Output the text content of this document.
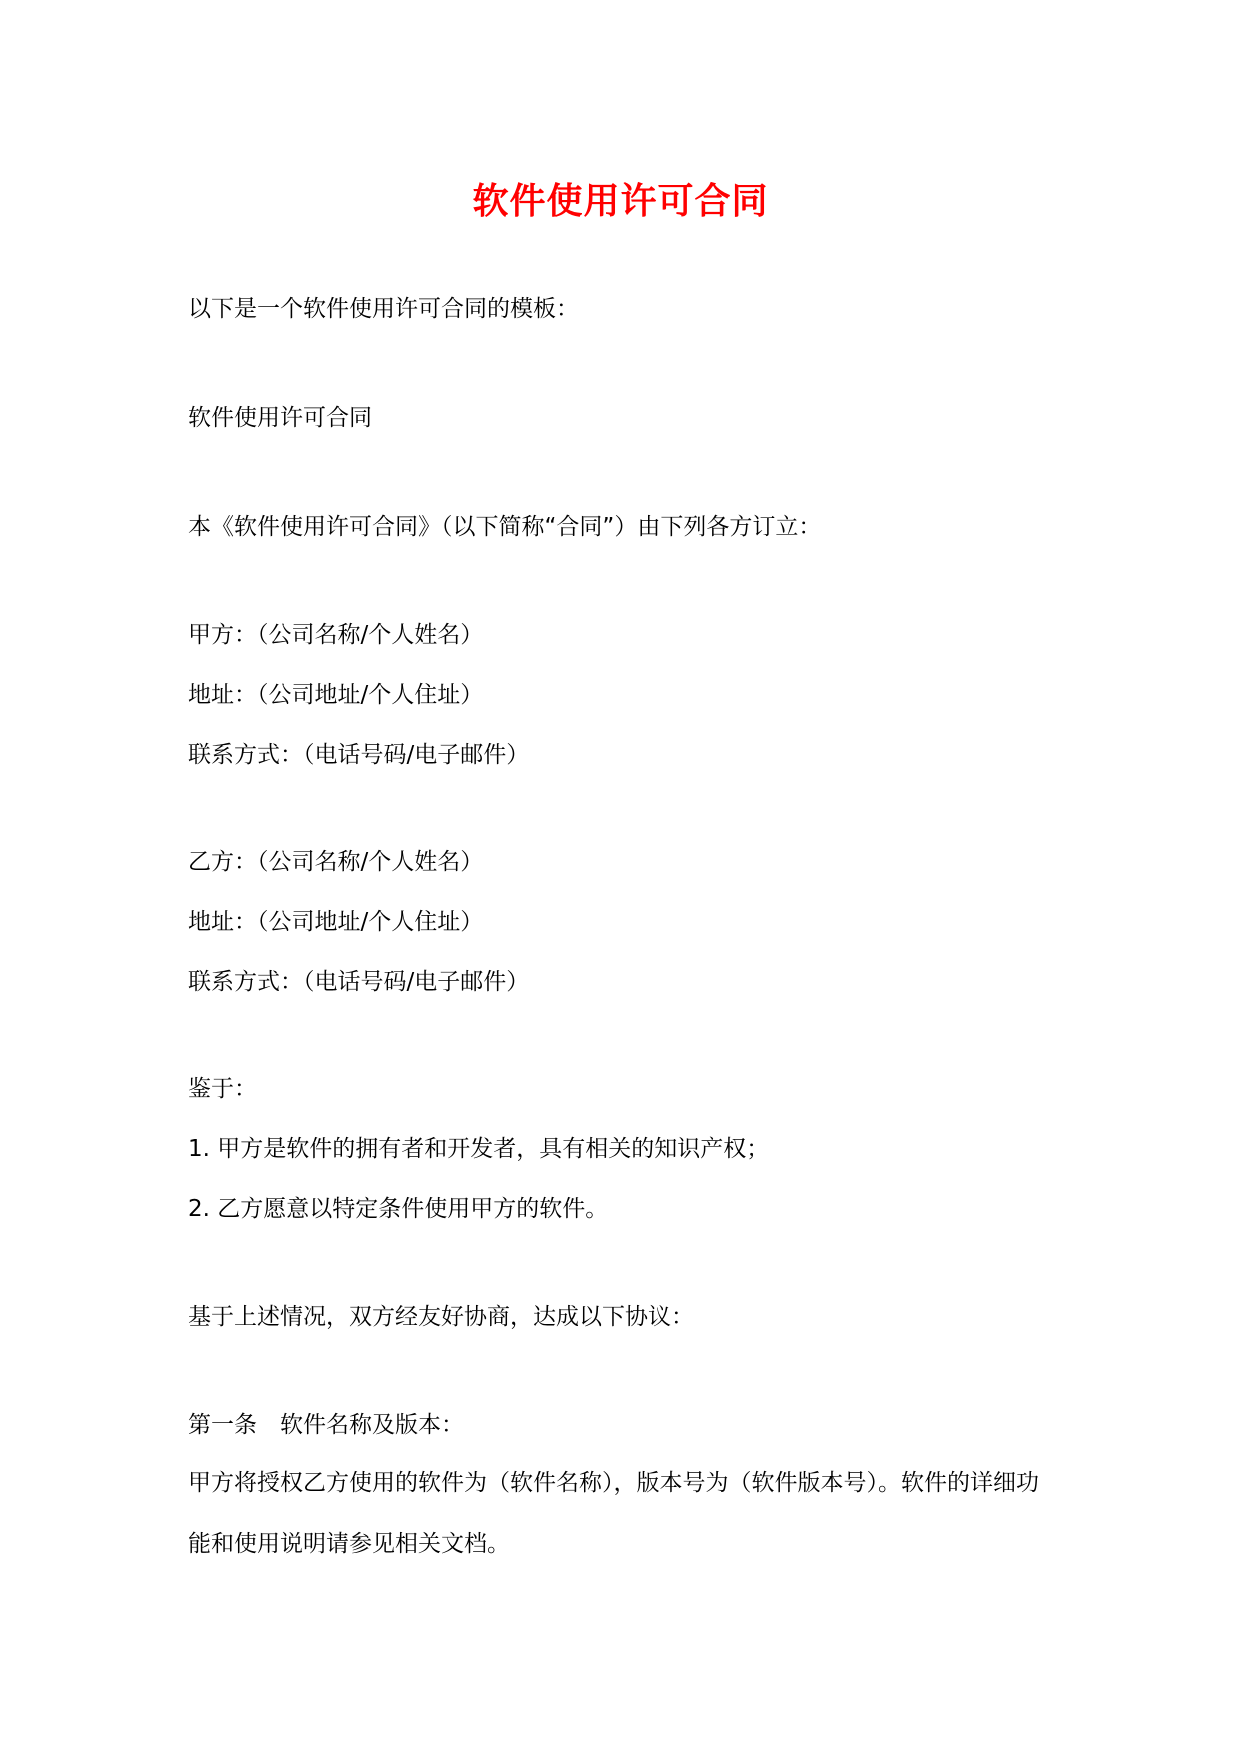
软件使用许可合同
以下是一个软件使用许可合同的模板：
软件使用许可合同
本《软件使用许可合同》（以下简称“合同”）由下列各方订立：
甲方：（公司名称/个人姓名）
地址：（公司地址/个人住址）
联系方式：（电话号码/电子邮件）
乙方：（公司名称/个人姓名）
地址：（公司地址/个人住址）
联系方式：（电话号码/电子邮件）
鉴于：
1. 甲方是软件的拥有者和开发者，具有相关的知识产权；
2. 乙方愿意以特定条件使用甲方的软件。
基于上述情况，双方经友好协商，达成以下协议：
第一条　软件名称及版本：
甲方将授权乙方使用的软件为（软件名称），版本号为（软件版本号）。软件的详细功能和使用说明请参见相关文档。
